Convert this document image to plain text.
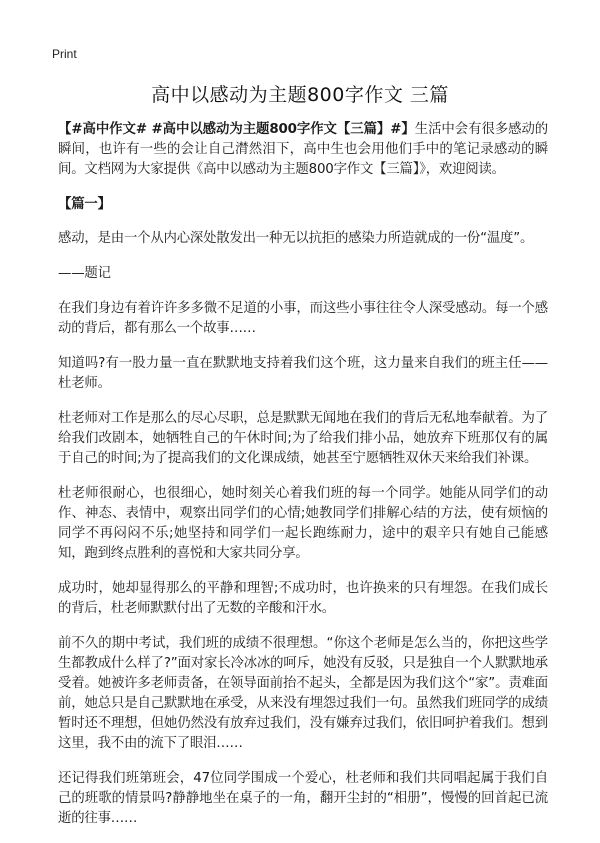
Print
高中以感动为主题800字作文 三篇

【#高中作文# #高中以感动为主题800字作文【三篇】#】生活中会有很多感动的瞬间，也许有一些的会让自己潸然泪下，高中生也会用他们手中的笔记录感动的瞬间。文档网为大家提供《高中以感动为主题800字作文【三篇】》，欢迎阅读。

【篇一】

感动，是由一个从内心深处散发出一种无以抗拒的感染力所造就成的一份“温度”。

——题记

在我们身边有着许许多多微不足道的小事，而这些小事往往令人深受感动。每一个感动的背后，都有那么一个故事……

知道吗?有一股力量一直在默默地支持着我们这个班，这力量来自我们的班主任——杜老师。

杜老师对工作是那么的尽心尽职，总是默默无闻地在我们的背后无私地奉献着。为了给我们改剧本，她牺牲自己的午休时间;为了给我们排小品，她放弃下班那仅有的属于自己的时间;为了提高我们的文化课成绩，她甚至宁愿牺牲双休天来给我们补课。

杜老师很耐心，也很细心，她时刻关心着我们班的每一个同学。她能从同学们的动作、神态、表情中，观察出同学们的心情;她教同学们排解心结的方法，使有烦恼的同学不再闷闷不乐;她坚持和同学们一起长跑练耐力，途中的艰辛只有她自己能感知，跑到终点胜利的喜悦和大家共同分享。

成功时，她却显得那么的平静和理智;不成功时，也许换来的只有埋怨。在我们成长的背后，杜老师默默付出了无数的辛酸和汗水。

前不久的期中考试，我们班的成绩不很理想。“你这个老师是怎么当的，你把这些学生都教成什么样了?”面对家长冷冰冰的呵斥，她没有反驳，只是独自一个人默默地承受着。她被许多老师责备，在领导面前抬不起头，全都是因为我们这个“家”。责难面前，她总只是自己默默地在承受，从来没有埋怨过我们一句。虽然我们班同学的成绩暂时还不理想，但她仍然没有放弃过我们，没有嫌弃过我们，依旧呵护着我们。想到这里，我不由的流下了眼泪……

还记得我们班第班会，47位同学围成一个爱心，杜老师和我们共同唱起属于我们自己的班歌的情景吗?静静地坐在桌子的一角，翻开尘封的“相册”，慢慢的回首起已流逝的往事……
